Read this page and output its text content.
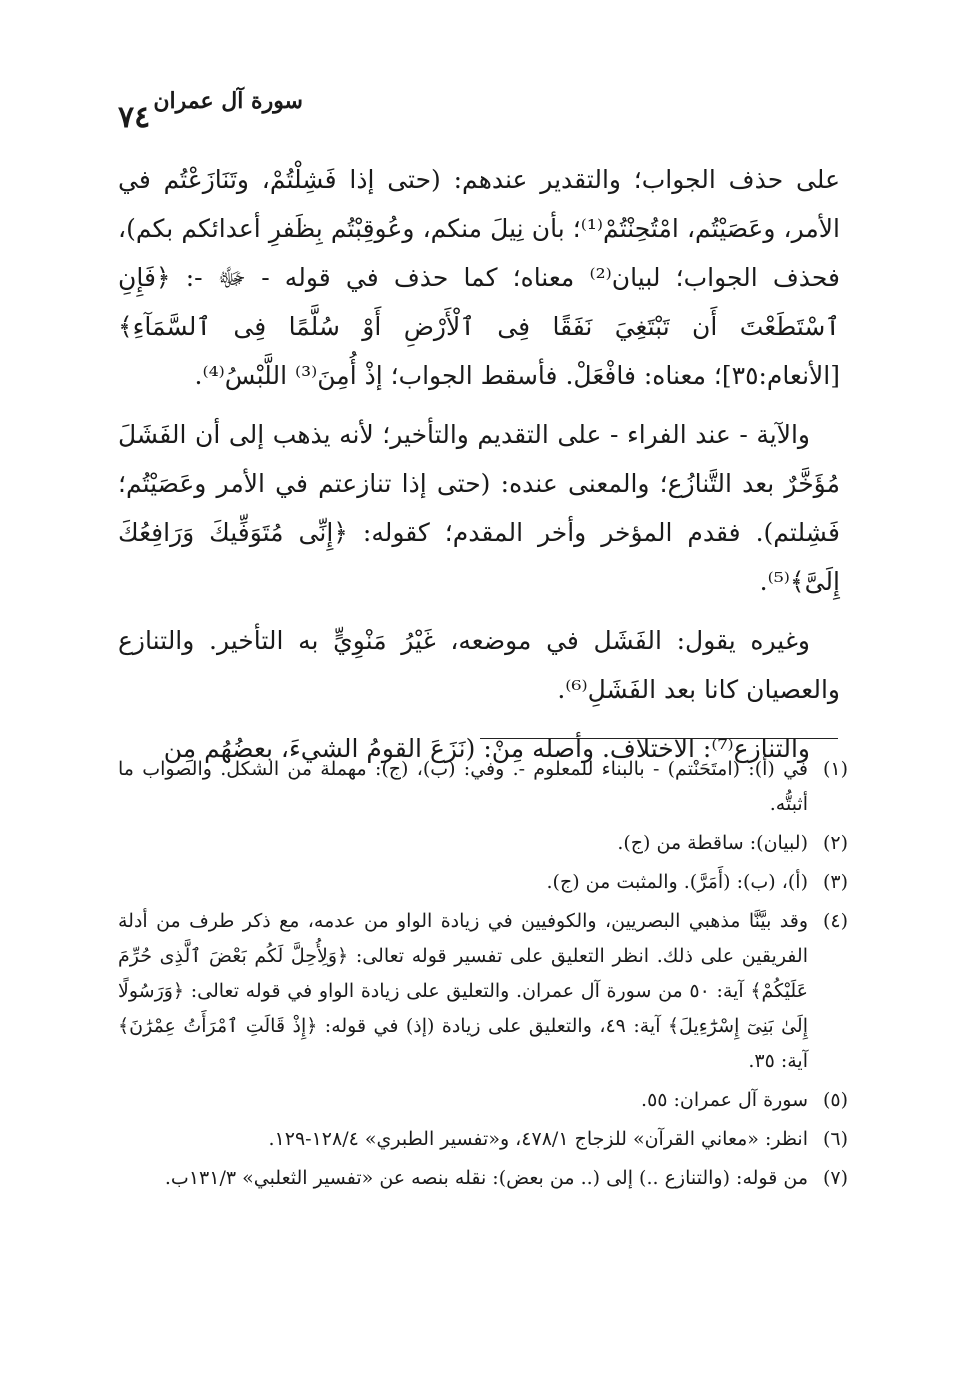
٧٤ سورة آل عمران

على حذف الجواب؛ والتقدير عندهم: (حتى إذا فَشِلْتُمْ، وتَنَازَعْتُم في الأمر، وعَصَيْتُم، امْتُحِنْتُمْ⁽¹⁾؛ بأن نِيلَ منكم، وعُوقِبْتُم بِظَفرِ أعدائكم بكم)، فحذف الجواب؛ لبيان⁽²⁾ معناه؛ كما حذف في قوله - ﷻ -: ﴿فَإِنِ ٱسْتَطَعْتَ أَن تَبْتَغِيَ نَفَقًا فِى ٱلْأَرْضِ أَوْ سُلَّمًا فِى ٱلسَّمَآءِ﴾ [الأنعام:٣٥]؛ معناه: فافْعَلْ. فأسقط الجواب؛ إذْ أُمِنَ⁽³⁾ اللَّبْسُ⁽⁴⁾.

والآية - عند الفراء - على التقديم والتأخير؛ لأنه يذهب إلى أن الفَشَلَ مُؤَخَّرٌ بعد التَّنازُع؛ والمعنى عنده: (حتى إذا تنازعتم في الأمر وعَصَيْتُم؛ فَشِلتم). فقدم المؤخر وأخر المقدم؛ كقوله: ﴿إِنِّى مُتَوَفِّيكَ وَرَافِعُكَ إِلَىَّ﴾⁽⁵⁾.

وغيره يقول: الفَشَل في موضعه، غَيْرُ مَنْوِيٍّ به التأخير. والتنازع والعصيان كانا بعد الفَشَلِ⁽⁶⁾.

والتنازع⁽⁷⁾: الاختلاف. وأصله مِنْ: (نَزَعَ القومُ الشيءَ، بعضُهُم مِن

(١)
في (أ): (امتَحَنْتم) - بالبناء للمعلوم -. وفي: (ب)، (ج): مهملة من الشكل. والصواب ما أثبتُّه.
(٢)
(لبيان): ساقطة من (ج).
(٣)
(أ)، (ب): (أَمَرَّ). والمثبت من (ج).
(٤)
وقد بيَّنَّا مذهبي البصريين، والكوفيين في زيادة الواو من عدمه، مع ذكر طرف من أدلة الفريقين على ذلك. انظر التعليق على تفسير قوله تعالى: ﴿وَلِأُحِلَّ لَكُم بَعْضَ ٱلَّذِى حُرِّمَ عَلَيْكُمْ﴾ آية: ٥٠ من سورة آل عمران. والتعليق على زيادة الواو في قوله تعالى: ﴿وَرَسُولًا إِلَىٰ بَنِىٓ إِسْرَٰٓءِيلَ﴾ آية: ٤٩، والتعليق على زيادة (إذ) في قوله: ﴿إِذْ قَالَتِ ٱمْرَأَتُ عِمْرَٰنَ﴾ آية: ٣٥.
(٥)
سورة آل عمران: ٥٥.
(٦)
انظر: «معاني القرآن» للزجاج ٤٧٨/١، و«تفسير الطبري» ١٢٨/٤-١٢٩.
(٧)
من قوله: (والتنازع ..) إلى (.. من بعض): نقله بنصه عن «تفسير الثعلبي» ١٣١/٣ب.
